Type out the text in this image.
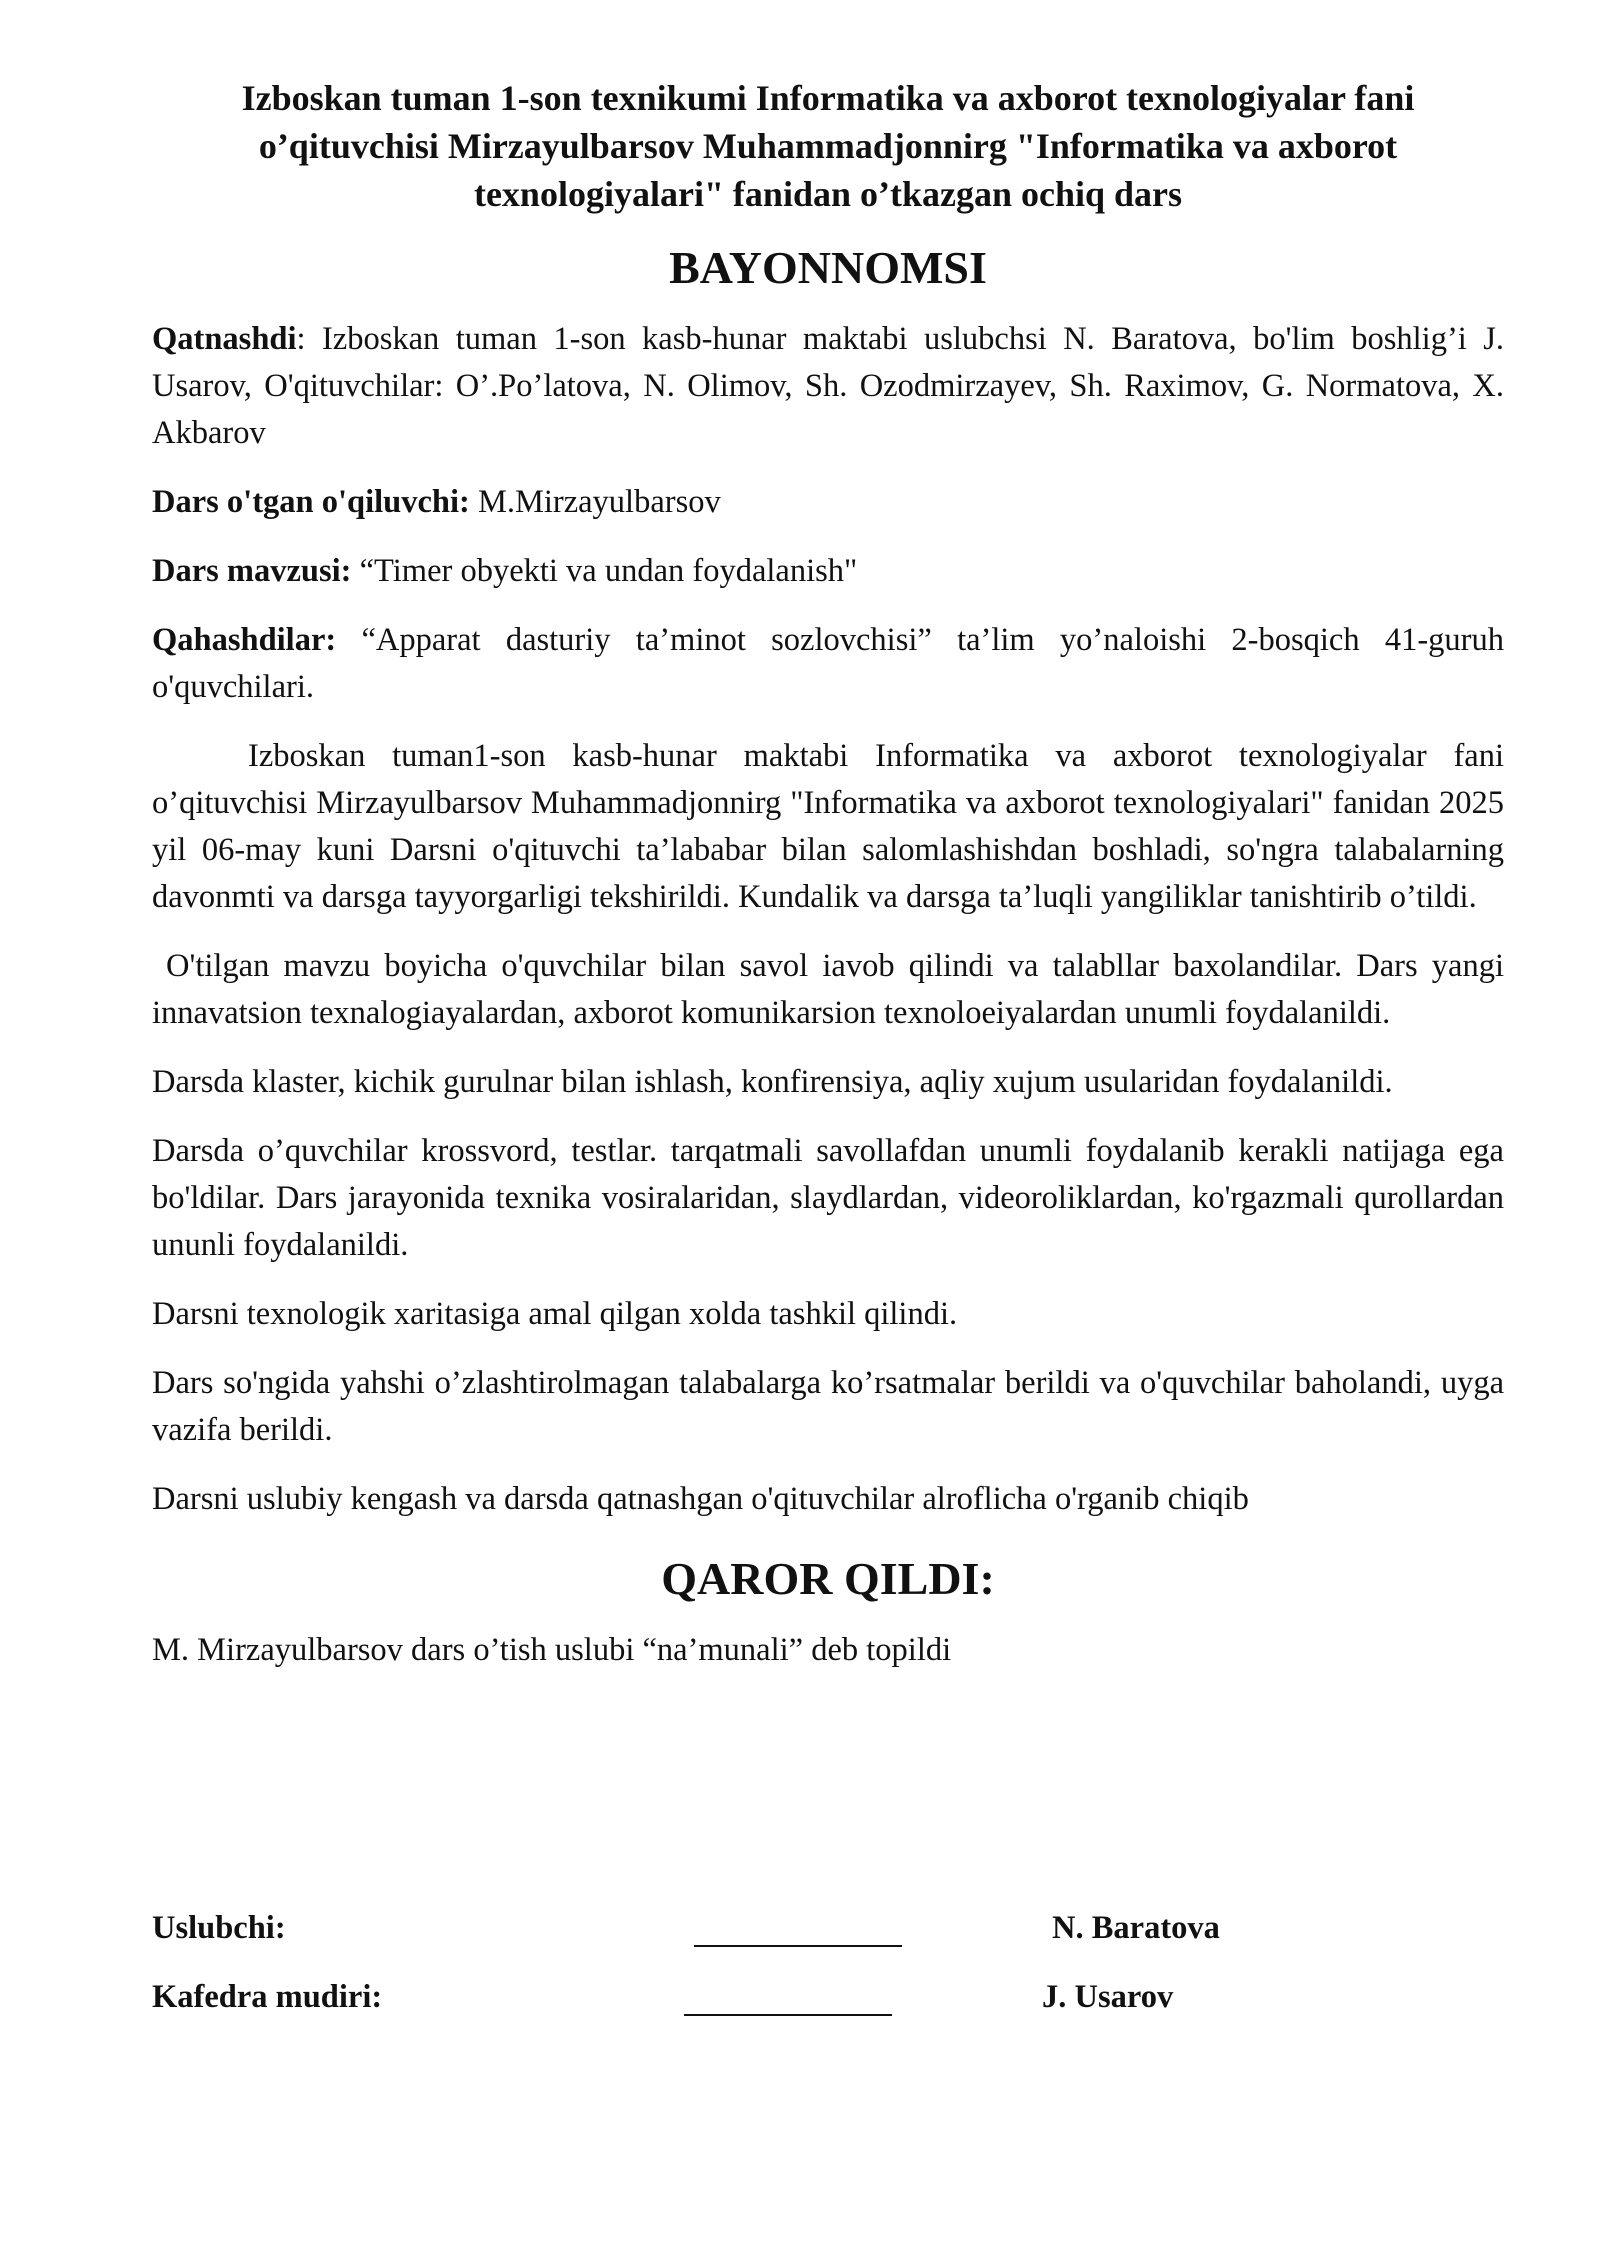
Izboskan tuman 1-son texnikumi Informatika va axborot texnologiyalar fani
o’qituvchisi Mirzayulbarsov Muhammadjonnirg "Informatika va axborot
texnologiyalari" fanidan o’tkazgan ochiq dars
BAYONNOMSI

Qatnashdi: Izboskan tuman 1-son kasb-hunar maktabi uslubchsi N. Baratova, bo'lim boshlig’i J. Usarov, O'qituvchilar: O’.Po’latova, N. Olimov, Sh. Ozodmirzayev, Sh. Raximov, G. Normatova, X. Akbarov

Dars o'tgan o'qiluvchi: M.Mirzayulbarsov

Dars mavzusi: “Timer obyekti va undan foydalanish"

Qahashdilar: “Apparat dasturiy ta’minot sozlovchisi” ta’lim yo’naloishi 2-bosqich 41-guruh o'quvchilari.

Izboskan tuman1-son kasb-hunar maktabi Informatika va axborot texnologiyalar fani o’qituvchisi Mirzayulbarsov Muhammadjonnirg "Informatika va axborot texnologiyalari" fanidan 2025 yil 06-may kuni Darsni o'qituvchi ta’lababar bilan salomlashishdan boshladi, so'ngra talabalarning davonmti va darsga tayyorgarligi tekshirildi. Kundalik va darsga ta’luqli yangiliklar tanishtirib o’tildi.

O'tilgan mavzu boyicha o'quvchilar bilan savol iavob qilindi va talabllar baxolandilar. Dars yangi innavatsion texnalogiayalardan, axborot komunikarsion texnoloeiyalardan unumli foydalanildi.

Darsda klaster, kichik gurulnar bilan ishlash, konfirensiya, aqliy xujum usularidan foydalanildi.

Darsda o’quvchilar krossvord, testlar. tarqatmali savollafdan unumli foydalanib kerakli natijaga ega bo'ldilar. Dars jarayonida texnika vosiralaridan, slaydlardan, videoroliklardan, ko'rgazmali qurollardan ununli foydalanildi.

Darsni texnologik xaritasiga amal qilgan xolda tashkil qilindi.

Dars so'ngida yahshi o’zlashtirolmagan talabalarga ko’rsatmalar berildi va o'quvchilar baholandi, uyga vazifa berildi.

Darsni uslubiy kengash va darsda qatnashgan o'qituvchilar alroflicha o'rganib chiqib

QAROR QILDI:

M. Mirzayulbarsov dars o’tish uslubi “na’munali” deb topildi

Uslubchi:	N. Baratova
Kafedra mudiri:	J. Usarov
